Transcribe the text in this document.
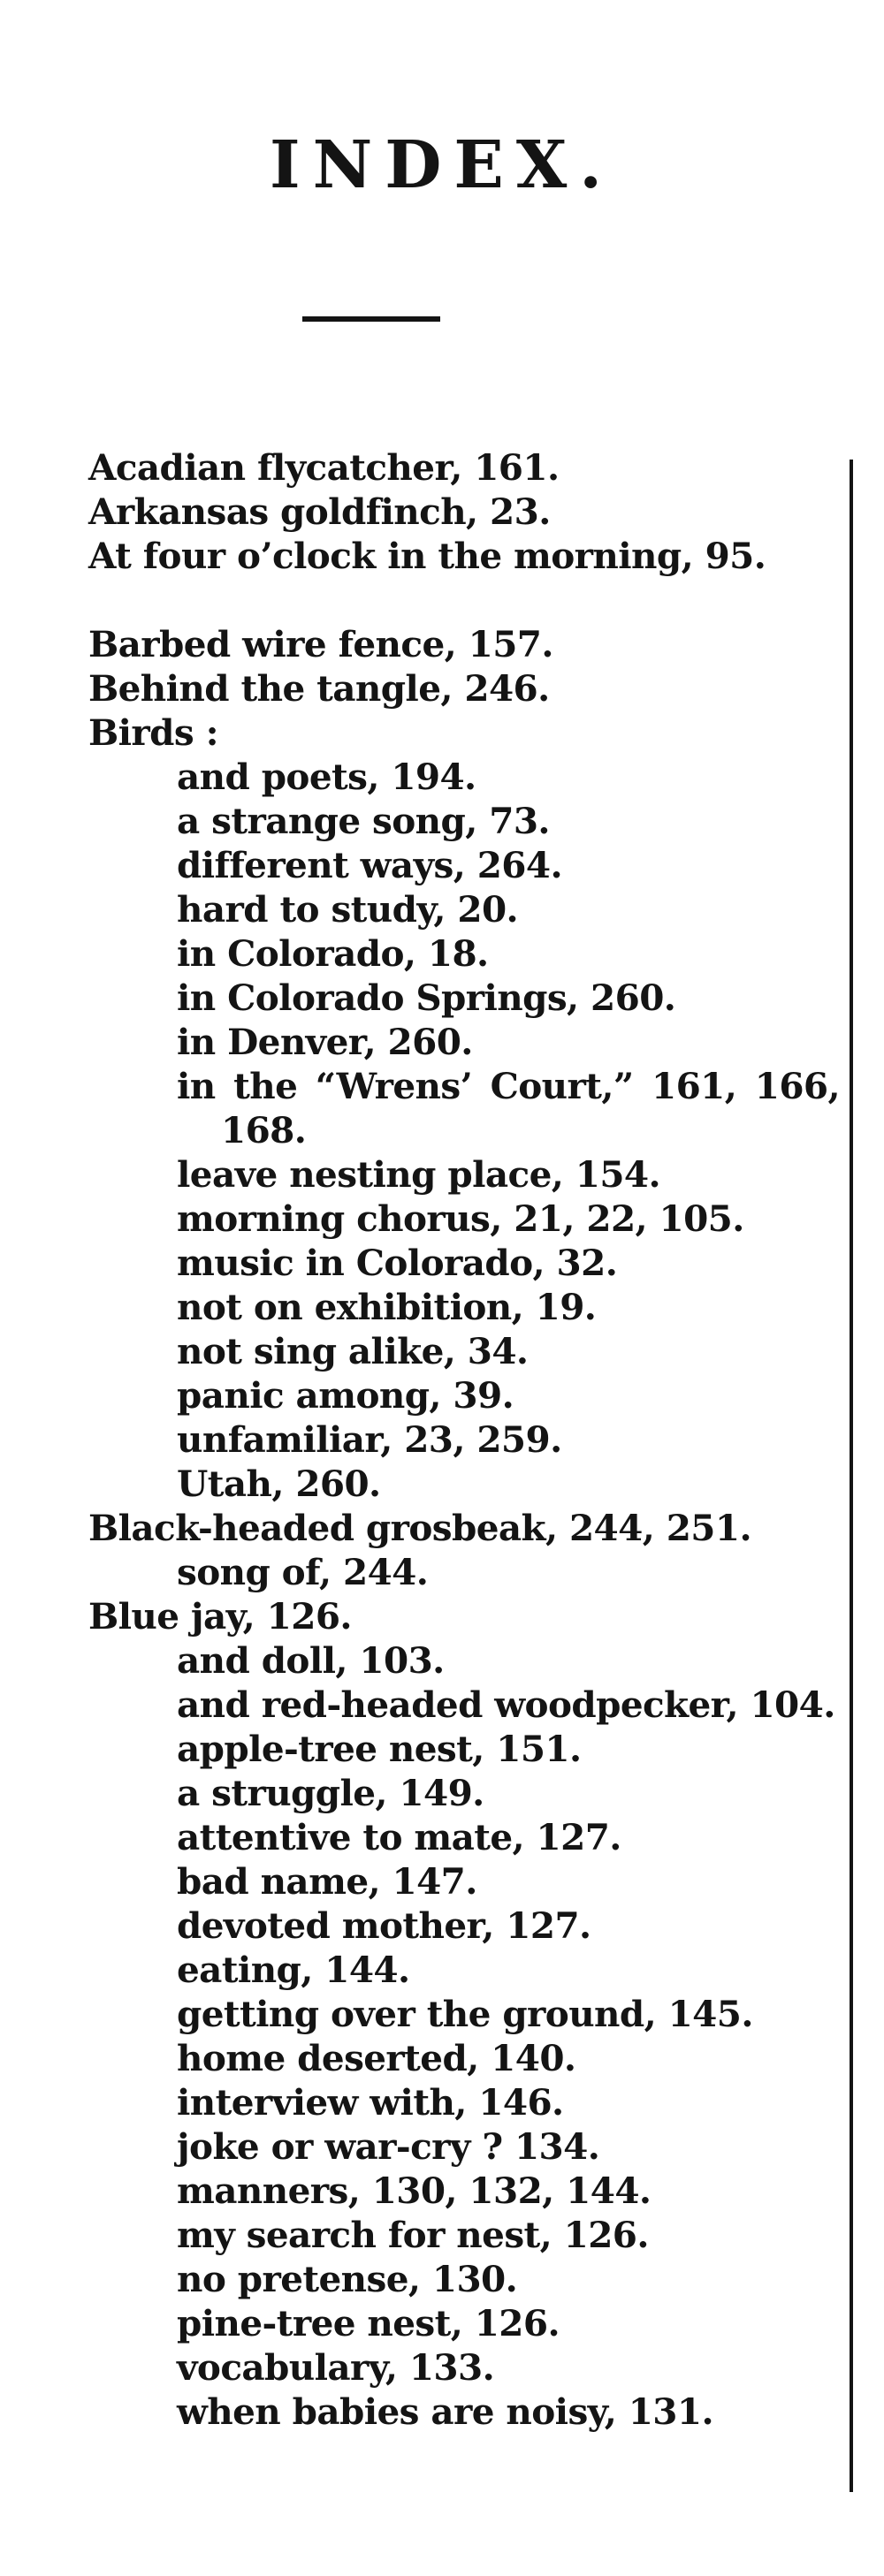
INDEX.
Acadian flycatcher, 161.
Arkansas goldfinch, 23.
At four o’clock in the morning, 95.
Barbed wire fence, 157.
Behind the tangle, 246.
Birds :
and poets, 194.
a strange song, 73.
different ways, 264.
hard to study, 20.
in Colorado, 18.
in Colorado Springs, 260.
in Denver, 260.
in the “Wrens’ Court,” 161, 166, 168.
leave nesting place, 154.
morning chorus, 21, 22, 105.
music in Colorado, 32.
not on exhibition, 19.
not sing alike, 34.
panic among, 39.
unfamiliar, 23, 259.
Utah, 260.
Black-headed grosbeak, 244, 251.
song of, 244.
Blue jay, 126.
and doll, 103.
and red-headed woodpecker, 104.
apple-tree nest, 151.
a struggle, 149.
attentive to mate, 127.
bad name, 147.
devoted mother, 127.
eating, 144.
getting over the ground, 145.
home deserted, 140.
interview with, 146.
joke or war-cry ? 134.
manners, 130, 132, 144.
my search for nest, 126.
no pretense, 130.
pine-tree nest, 126.
vocabulary, 133.
when babies are noisy, 131.
